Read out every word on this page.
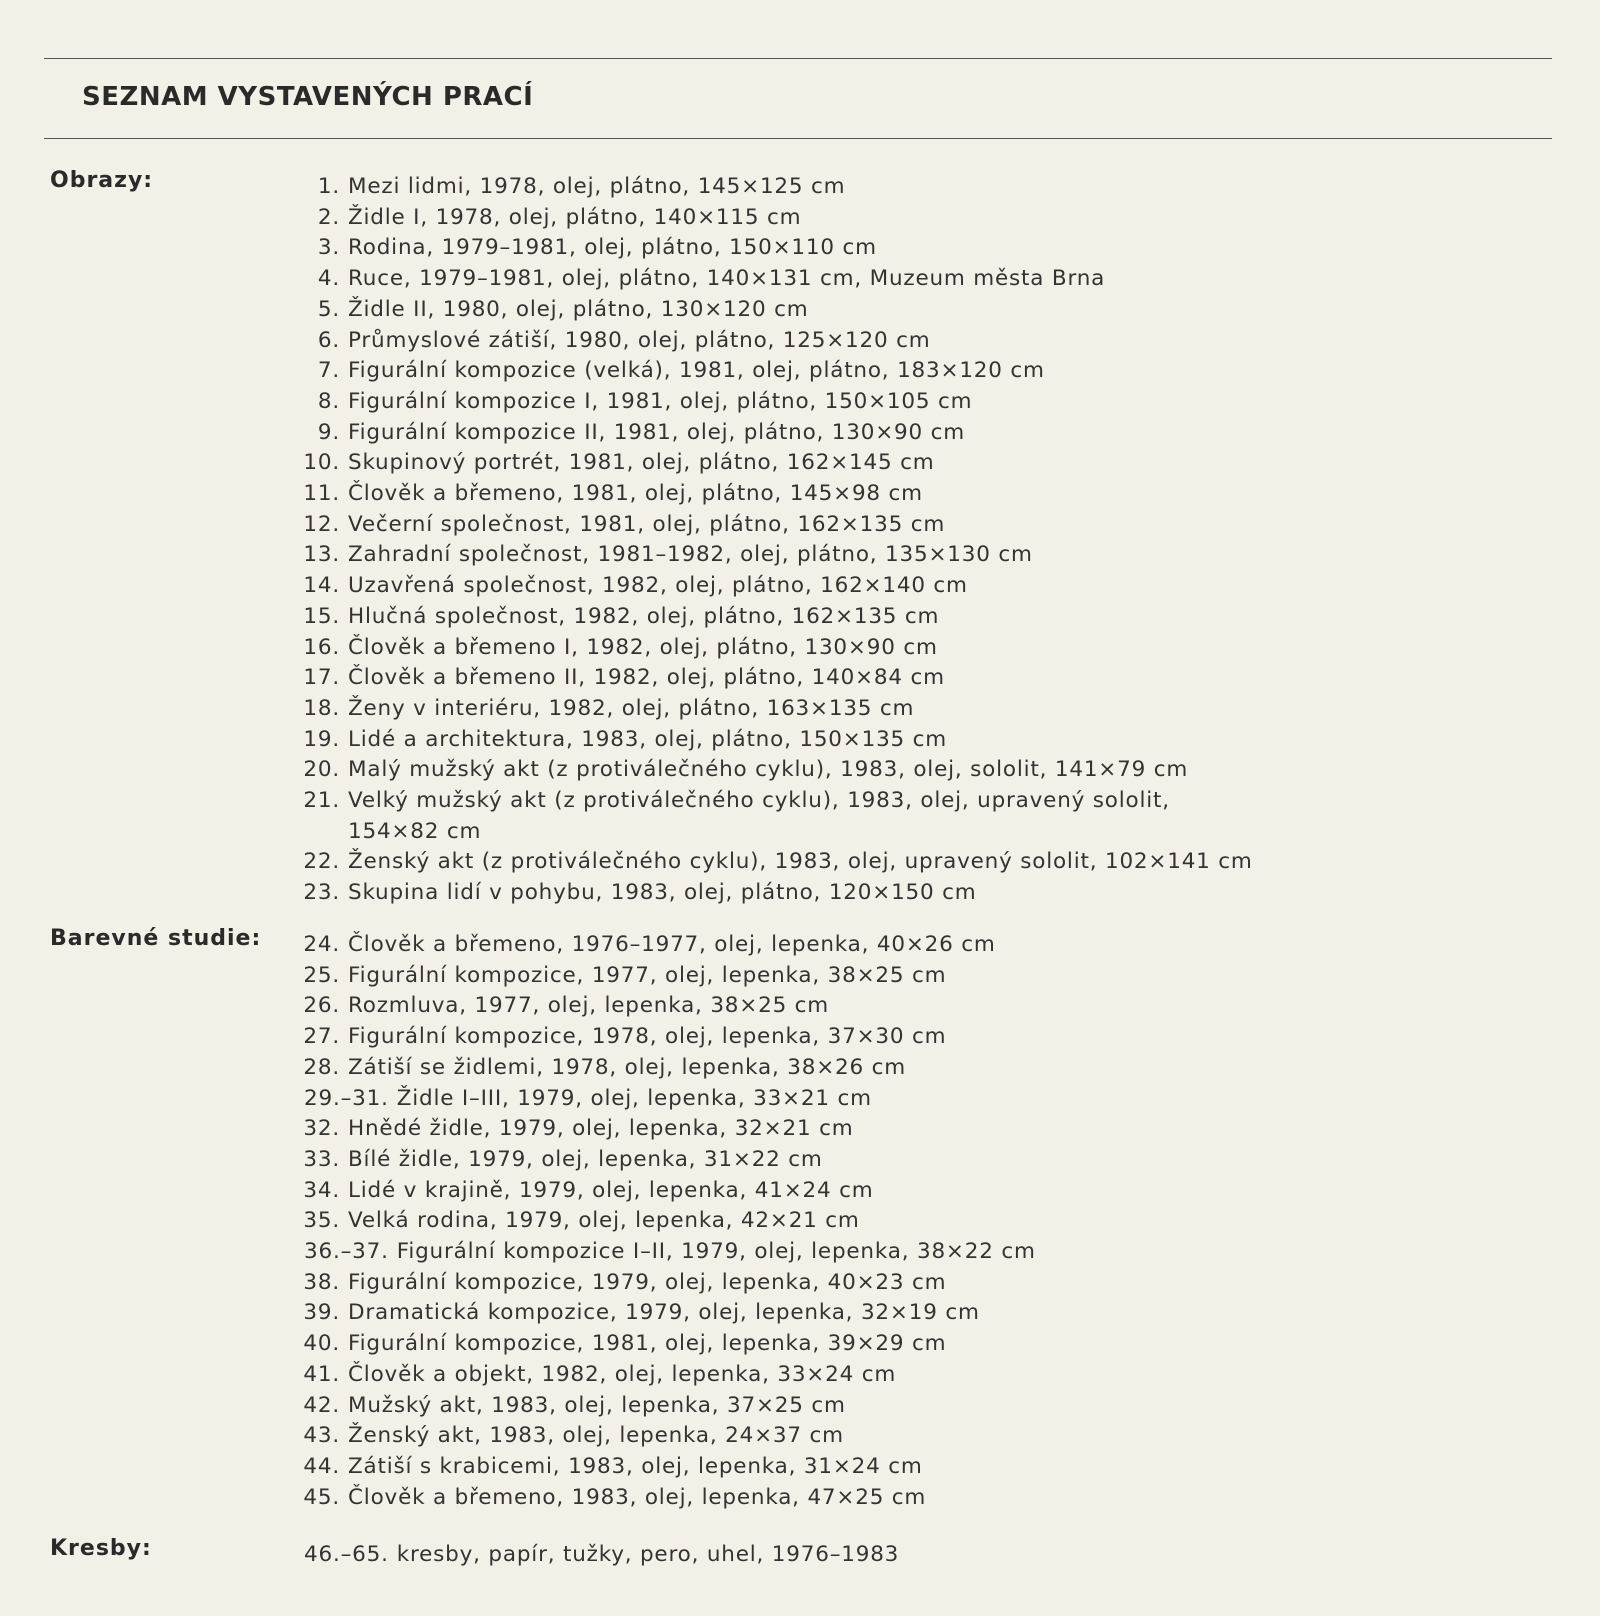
SEZNAM VYSTAVENÝCH PRACÍ
Obrazy:	1. Mezi lidmi, 1978, olej, plátno, 145×125 cm
2. Židle I, 1978, olej, plátno, 140×115 cm
3. Rodina, 1979–1981, olej, plátno, 150×110 cm
4. Ruce, 1979–1981, olej, plátno, 140×131 cm, Muzeum města Brna
5. Židle II, 1980, olej, plátno, 130×120 cm
6. Průmyslové zátiší, 1980, olej, plátno, 125×120 cm
7. Figurální kompozice (velká), 1981, olej, plátno, 183×120 cm
8. Figurální kompozice I, 1981, olej, plátno, 150×105 cm
9. Figurální kompozice II, 1981, olej, plátno, 130×90 cm
10. Skupinový portrét, 1981, olej, plátno, 162×145 cm
11. Člověk a břemeno, 1981, olej, plátno, 145×98 cm
12. Večerní společnost, 1981, olej, plátno, 162×135 cm
13. Zahradní společnost, 1981–1982, olej, plátno, 135×130 cm
14. Uzavřená společnost, 1982, olej, plátno, 162×140 cm
15. Hlučná společnost, 1982, olej, plátno, 162×135 cm
16. Člověk a břemeno I, 1982, olej, plátno, 130×90 cm
17. Člověk a břemeno II, 1982, olej, plátno, 140×84 cm
18. Ženy v interiéru, 1982, olej, plátno, 163×135 cm
19. Lidé a architektura, 1983, olej, plátno, 150×135 cm
20. Malý mužský akt (z protiválečného cyklu), 1983, olej, sololit, 141×79 cm
21. Velký mužský akt (z protiválečného cyklu), 1983, olej, upravený sololit, 154×82 cm
22. Ženský akt (z protiválečného cyklu), 1983, olej, upravený sololit, 102×141 cm
23. Skupina lidí v pohybu, 1983, olej, plátno, 120×150 cm
Barevné studie:	24. Člověk a břemeno, 1976–1977, olej, lepenka, 40×26 cm
25. Figurální kompozice, 1977, olej, lepenka, 38×25 cm
26. Rozmluva, 1977, olej, lepenka, 38×25 cm
27. Figurální kompozice, 1978, olej, lepenka, 37×30 cm
28. Zátiší se židlemi, 1978, olej, lepenka, 38×26 cm
29.–31. Židle I–III, 1979, olej, lepenka, 33×21 cm
32. Hnědé židle, 1979, olej, lepenka, 32×21 cm
33. Bílé židle, 1979, olej, lepenka, 31×22 cm
34. Lidé v krajině, 1979, olej, lepenka, 41×24 cm
35. Velká rodina, 1979, olej, lepenka, 42×21 cm
36.–37. Figurální kompozice I–II, 1979, olej, lepenka, 38×22 cm
38. Figurální kompozice, 1979, olej, lepenka, 40×23 cm
39. Dramatická kompozice, 1979, olej, lepenka, 32×19 cm
40. Figurální kompozice, 1981, olej, lepenka, 39×29 cm
41. Člověk a objekt, 1982, olej, lepenka, 33×24 cm
42. Mužský akt, 1983, olej, lepenka, 37×25 cm
43. Ženský akt, 1983, olej, lepenka, 24×37 cm
44. Zátiší s krabicemi, 1983, olej, lepenka, 31×24 cm
45. Člověk a břemeno, 1983, olej, lepenka, 47×25 cm
Kresby:	46.–65. kresby, papír, tužky, pero, uhel, 1976–1983
